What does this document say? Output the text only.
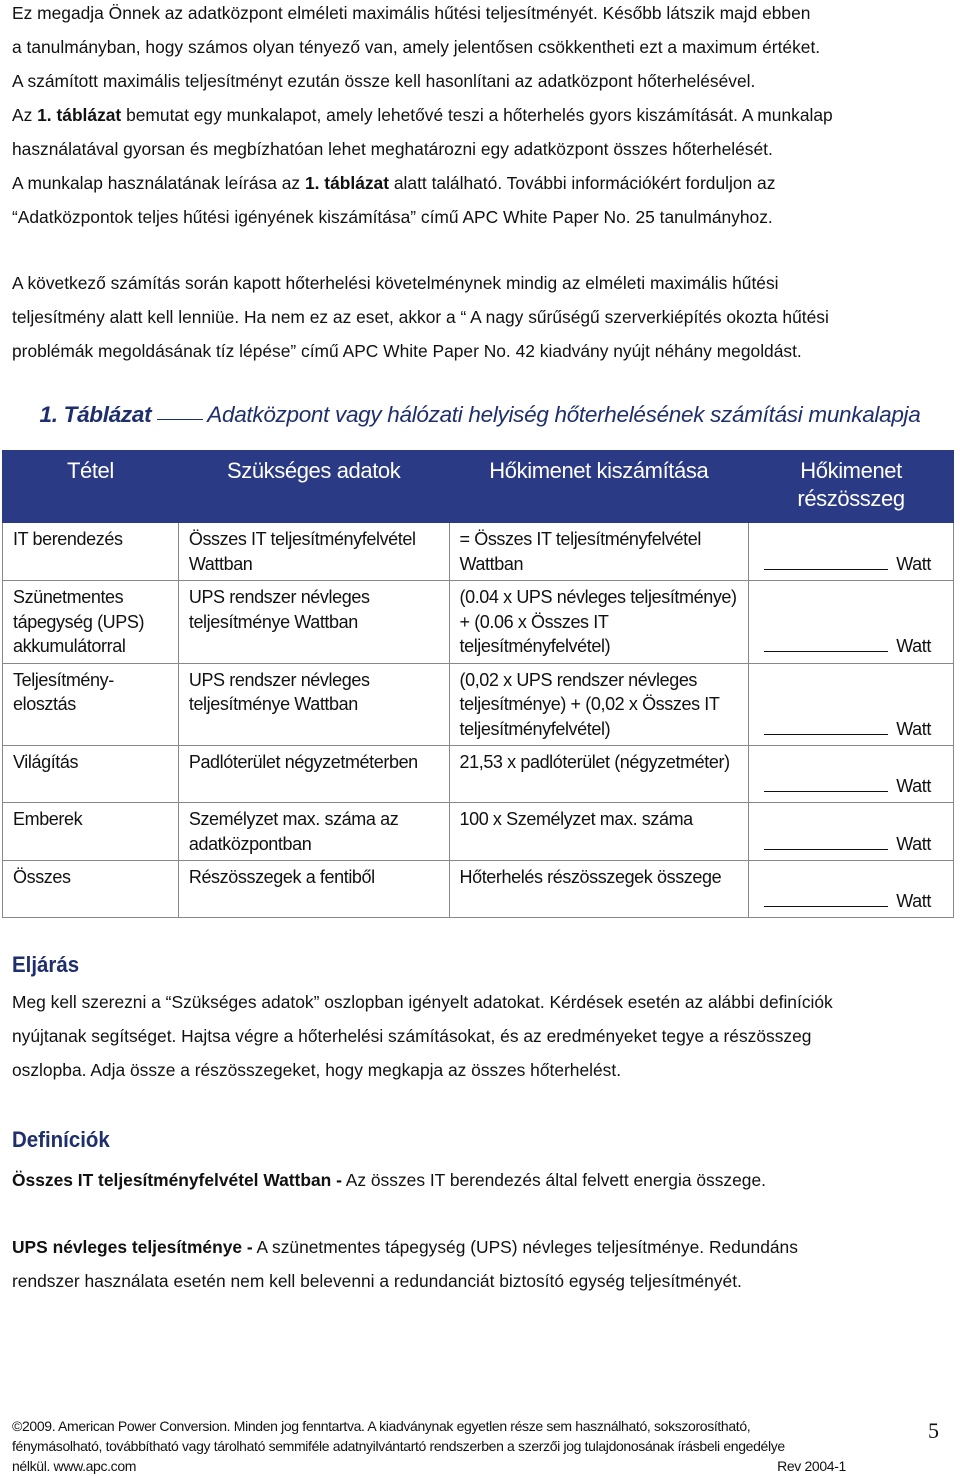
Ez megadja Önnek az adatközpont elméleti maximális hűtési teljesítményét. Később látszik majd ebben
a tanulmányban, hogy számos olyan tényező van, amely jelentősen csökkentheti ezt a maximum értéket.
A számított maximális teljesítményt ezután össze kell hasonlítani az adatközpont hőterhelésével.
Az 1. táblázat bemutat egy munkalapot, amely lehetővé teszi a hőterhelés gyors kiszámítását. A munkalap
használatával gyorsan és megbízhatóan lehet meghatározni egy adatközpont összes hőterhelését.
A munkalap használatának leírása az 1. táblázat alatt található. További információkért forduljon az
“Adatközpontok teljes hűtési igényének kiszámítása” című APC White Paper No. 25 tanulmányhoz.
A következő számítás során kapott hőterhelési követelménynek mindig az elméleti maximális hűtési
teljesítmény alatt kell lenniüe. Ha nem ez az eset, akkor a “ A nagy sűrűségű szerverkiépítés okozta hűtési
problémák megoldásának tíz lépése” című APC White Paper No. 42 kiadvány nyújt néhány megoldást.
1. Táblázat Adatközpont vagy hálózati helyiség hőterhelésének számítási munkalapja
Tétel	Szükséges adatok	Hőkimenet kiszámítása	Hőkimenet részösszeg
IT berendezés	Összes IT teljesítményfelvétel Wattban	= Összes IT teljesítményfelvétel Wattban	Watt
Szünetmentes tápegység (UPS) akkumulátorral	UPS rendszer névleges teljesítménye Wattban	(0.04 x UPS névleges teljesítménye) + (0.06 x Összes IT teljesítményfelvétel)	Watt
Teljesítmény-elosztás	UPS rendszer névleges teljesítménye Wattban	(0,02 x UPS rendszer névleges teljesítménye) + (0,02 x Összes IT teljesítményfelvétel)	Watt
Világítás	Padlóterület négyzetméterben	21,53 x padlóterület (négyzetméter)	Watt
Emberek	Személyzet max. száma az adatközpontban	100 x Személyzet max. száma	Watt
Összes	Részösszegek a fentiből	Hőterhelés részösszegek összege	Watt
Eljárás
Meg kell szerezni a “Szükséges adatok” oszlopban igényelt adatokat. Kérdések esetén az alábbi definíciók
nyújtanak segítséget. Hajtsa végre a hőterhelési számításokat, és az eredményeket tegye a részösszeg
oszlopba. Adja össze a részösszegeket, hogy megkapja az összes hőterhelést.
Definíciók
Összes IT teljesítményfelvétel Wattban - Az összes IT berendezés által felvett energia összege.
UPS névleges teljesítménye - A szünetmentes tápegység (UPS) névleges teljesítménye. Redundáns
rendszer használata esetén nem kell belevenni a redundanciát biztosító egység teljesítményét.
©2009. American Power Conversion. Minden jog fenntartva. A kiadványnak egyetlen része sem használható, sokszorosítható,
fénymásolható, továbbítható vagy tárolható semmiféle adatnyilvántartó rendszerben a szerzői jog tulajdonosának írásbeli engedélye
nélkül. www.apc.com	Rev 2004-1
5
